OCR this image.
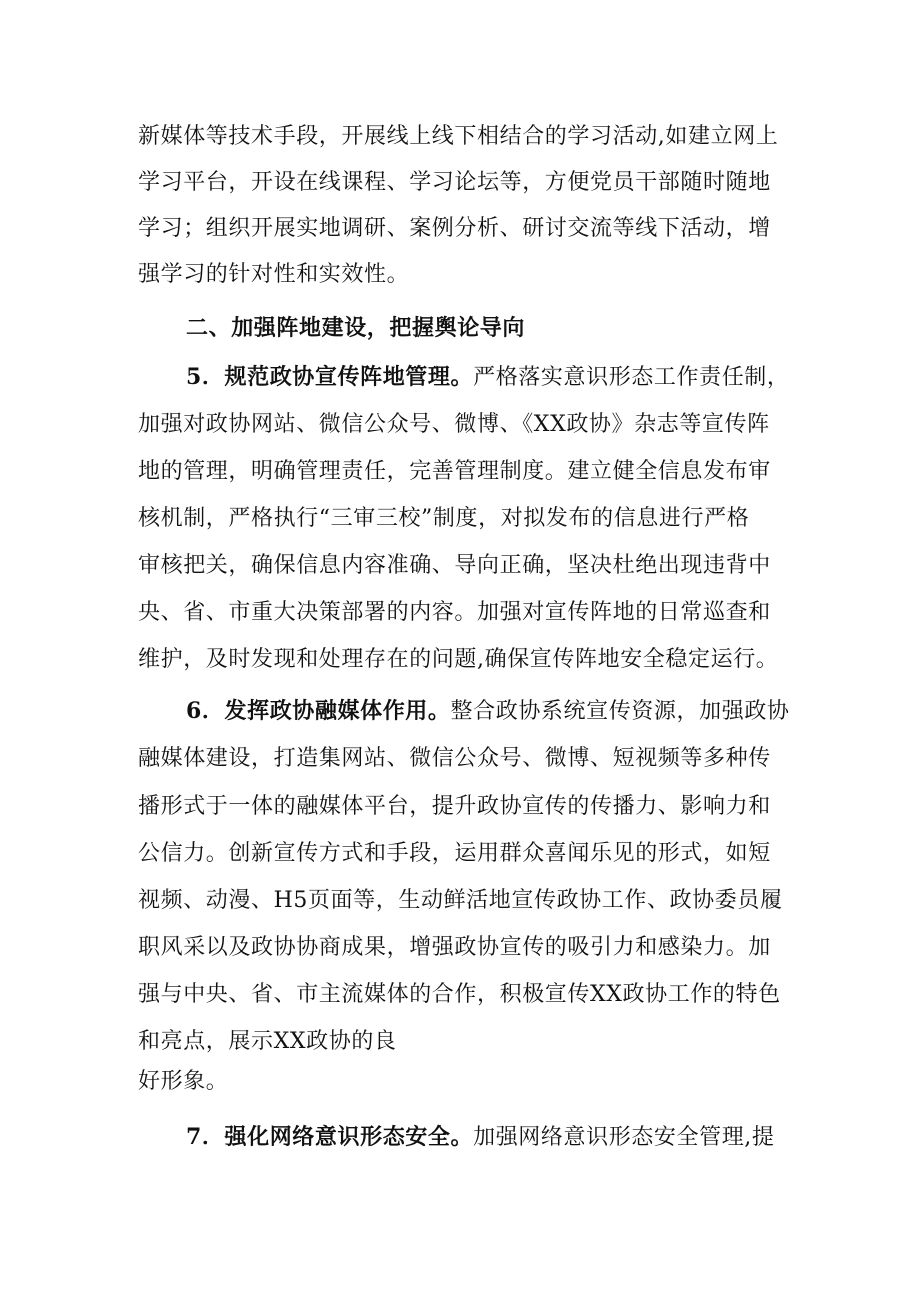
新媒体等技术手段，开展线上线下相结合的学习活动,如建立网上
学习平台，开设在线课程、学习论坛等，方便党员干部随时随地
学习；组织开展实地调研、案例分析、研讨交流等线下活动，增
强学习的针对性和实效性。
二、加强阵地建设，把握舆论导向
5．规范政协宣传阵地管理。严格落实意识形态工作责任制，
加强对政协网站、微信公众号、微博、《XX政协》杂志等宣传阵
地的管理，明确管理责任，完善管理制度。建立健全信息发布审
核机制，严格执行“三审三校”制度，对拟发布的信息进行严格
审核把关，确保信息内容准确、导向正确，坚决杜绝出现违背中
央、省、市重大决策部署的内容。加强对宣传阵地的日常巡查和
维护，及时发现和处理存在的问题,确保宣传阵地安全稳定运行。
6．发挥政协融媒体作用。整合政协系统宣传资源，加强政协
融媒体建设，打造集网站、微信公众号、微博、短视频等多种传
播形式于一体的融媒体平台，提升政协宣传的传播力、影响力和
公信力。创新宣传方式和手段，运用群众喜闻乐见的形式，如短
视频、动漫、H5页面等，生动鲜活地宣传政协工作、政协委员履
职风采以及政协协商成果，增强政协宣传的吸引力和感染力。加
强与中央、省、市主流媒体的合作，积极宣传XX政协工作的特色
和亮点，展示XX政协的良
好形象。
7．强化网络意识形态安全。加强网络意识形态安全管理,提
